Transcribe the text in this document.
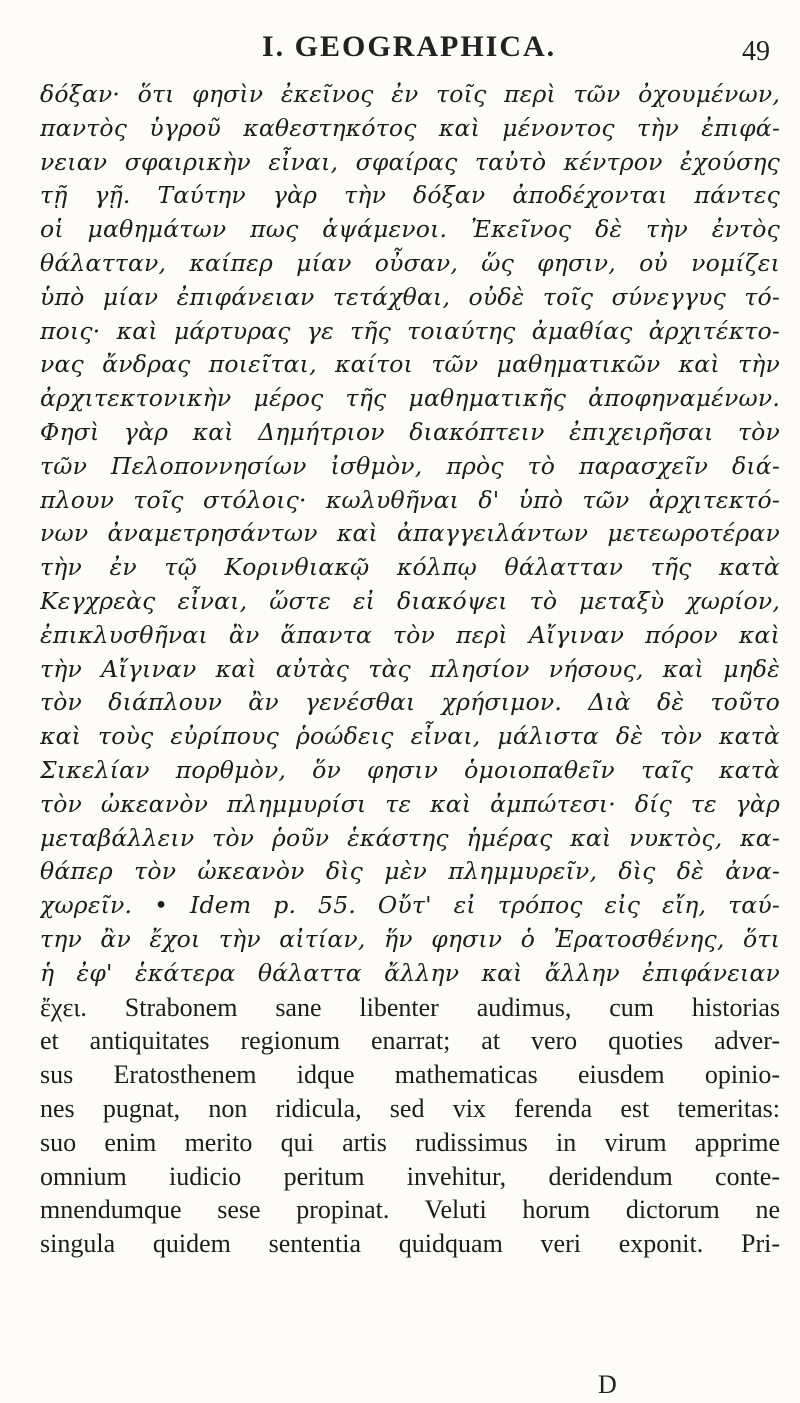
I. GEOGRAPHICA.	49
δόξαν· ὅτι φησὶν ἐκεῖνος ἐν τοῖς περὶ τῶν ὀχουμένων,
παντὸς ὑγροῦ καθεστηκότος καὶ μένοντος τὴν ἐπιφά-
νειαν σφαιρικὴν εἶναι, σφαίρας ταὐτὸ κέντρον ἐχούσης
τῇ γῇ. Ταύτην γὰρ τὴν δόξαν ἀποδέχονται πάντες
οἱ μαθημάτων πως ἁψάμενοι. Ἐκεῖνος δὲ τὴν ἐντὸς
θάλατταν, καίπερ μίαν οὖσαν, ὥς φησιν, οὐ νομίζει
ὑπὸ μίαν ἐπιφάνειαν τετάχθαι, οὐδὲ τοῖς σύνεγγυς τό-
ποις· καὶ μάρτυρας γε τῆς τοιαύτης ἀμαθίας ἀρχιτέκτο-
νας ἄνδρας ποιεῖται, καίτοι τῶν μαθηματικῶν καὶ τὴν
ἀρχιτεκτονικὴν μέρος τῆς μαθηματικῆς ἀποφηναμένων.
Φησὶ γὰρ καὶ Δημήτριον διακόπτειν ἐπιχειρῆσαι τὸν
τῶν Πελοποννησίων ἰσθμὸν, πρὸς τὸ παρασχεῖν διά-
πλουν τοῖς στόλοις· κωλυθῆναι δ' ὑπὸ τῶν ἀρχιτεκτό-
νων ἀναμετρησάντων καὶ ἀπαγγειλάντων μετεωροτέραν
τὴν ἐν τῷ Κορινθιακῷ κόλπῳ θάλατταν τῆς κατὰ
Κεγχρεὰς εἶναι, ὥστε εἰ διακόψει τὸ μεταξὺ χωρίον,
ἐπικλυσθῆναι ἂν ἅπαντα τὸν περὶ Αἴγιναν πόρον καὶ
τὴν Αἴγιναν καὶ αὐτὰς τὰς πλησίον νήσους, καὶ μηδὲ
τὸν διάπλουν ἂν γενέσθαι χρήσιμον. Διὰ δὲ τοῦτο
καὶ τοὺς εὐρίπους ῥοώδεις εἶναι, μάλιστα δὲ τὸν κατὰ
Σικελίαν πορθμὸν, ὅν φησιν ὁμοιοπαθεῖν ταῖς κατὰ
τὸν ὠκεανὸν πλημμυρίσι τε καὶ ἀμπώτεσι· δίς τε γὰρ
μεταβάλλειν τὸν ῥοῦν ἑκάστης ἡμέρας καὶ νυκτὸς, κα-
θάπερ τὸν ὠκεανὸν δὶς μὲν πλημμυρεῖν, δὶς δὲ ἀνα-
χωρεῖν. • Idem p. 55. Οὔτ' εἰ τρόπος εἰς εἴη, ταύ-
την ἂν ἔχοι τὴν αἰτίαν, ἥν φησιν ὁ Ἐρατοσθένης, ὅτι
ἡ ἐφ' ἑκάτερα θάλαττα ἄλλην καὶ ἄλλην ἐπιφάνειαν
ἔχει. Strabonem sane libenter audimus, cum historias
et antiquitates regionum enarrat; at vero quoties adver-
sus Eratosthenem idque mathematicas eiusdem opinio-
nes pugnat, non ridicula, sed vix ferenda est temeritas:
suo enim merito qui artis rudissimus in virum apprime
omnium iudicio peritum invehitur, deridendum conte-
mnendumque sese propinat. Veluti horum dictorum ne
singula quidem sententia quidquam veri exponit. Pri-
D
